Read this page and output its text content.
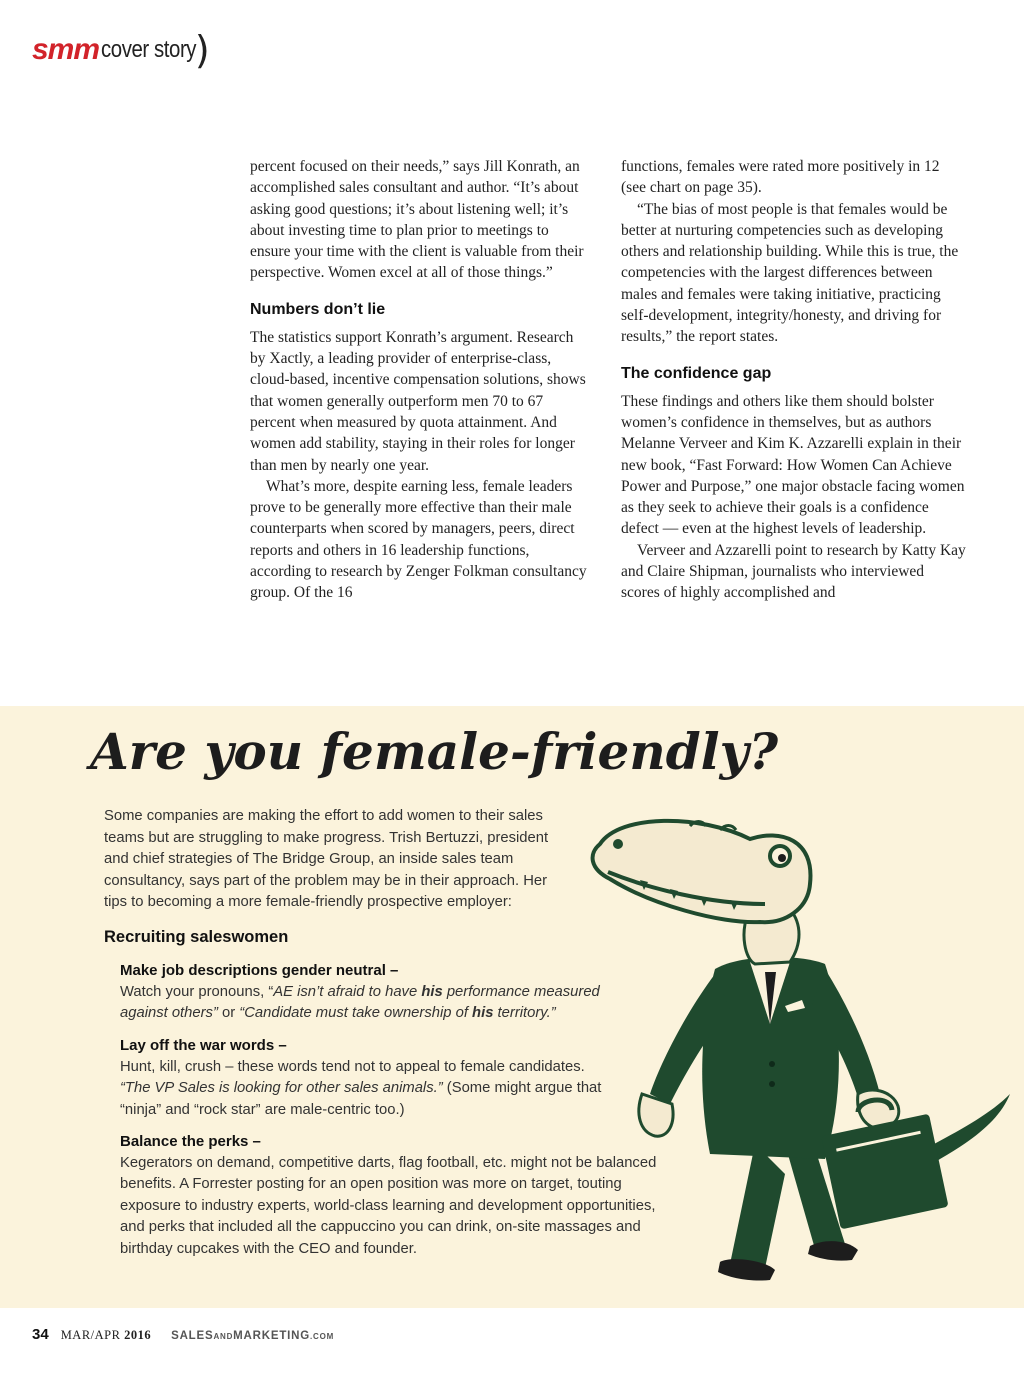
smm cover story
)

percent focused on their needs,” says Jill Konrath, an accomplished sales consultant and author. “It’s about asking good questions; it’s about listening well; it’s about investing time to plan prior to meetings to ensure your time with the client is valuable from their perspective. Women excel at all of those things.”

Numbers don’t lie

The statistics support Konrath’s argument. Research by Xactly, a leading provider of enterprise-class, cloud-based, incentive compensation solutions, shows that women generally outperform men 70 to 67 percent when measured by quota attainment. And women add stability, staying in their roles for longer than men by nearly one year.

What’s more, despite earning less, female leaders prove to be generally more effective than their male counterparts when scored by managers, peers, direct reports and others in 16 leadership functions, according to research by Zenger Folkman consultancy group. Of the 16

functions, females were rated more positively in 12 (see chart on page 35).

“The bias of most people is that females would be better at nurturing competencies such as developing others and relationship building. While this is true, the competencies with the largest differences between males and females were taking initiative, practicing self-development, integrity/honesty, and driving for results,” the report states.

The confidence gap

These findings and others like them should bolster women’s confidence in themselves, but as authors Melanne Verveer and Kim K. Azzarelli explain in their new book, “Fast Forward: How Women Can Achieve Power and Purpose,” one major obstacle facing women as they seek to achieve their goals is a confidence defect — even at the highest levels of leadership.

Verveer and Azzarelli point to research by Katty Kay and Claire Shipman, journalists who interviewed scores of highly accomplished and

Are you female-friendly?

Some companies are making the effort to add women to their sales teams but are struggling to make progress. Trish Bertuzzi, president and chief strategies of The Bridge Group, an inside sales team consultancy, says part of the problem may be in their approach. Her tips to becoming a more female-friendly prospective employer:

Recruiting saleswomen

Make job descriptions gender neutral –

Watch your pronouns, “AE isn’t afraid to have his performance measured against others” or “Candidate must take ownership of his territory.”

Lay off the war words –

Hunt, kill, crush – these words tend not to appeal to female candidates.
“The VP Sales is looking for other sales animals.” (Some might argue that “ninja” and “rock star” are male-centric too.)

Balance the perks –

Kegerators on demand, competitive darts, flag football, etc. might not be balanced benefits. A Forrester posting for an open position was more on target, touting exposure to industry experts, world-class learning and development opportunities, and perks that included all the cappuccino you can drink, on-site massages and birthday cupcakes with the CEO and founder.

34 MAR/APR 2016 SALESANDMARKETING.COM
